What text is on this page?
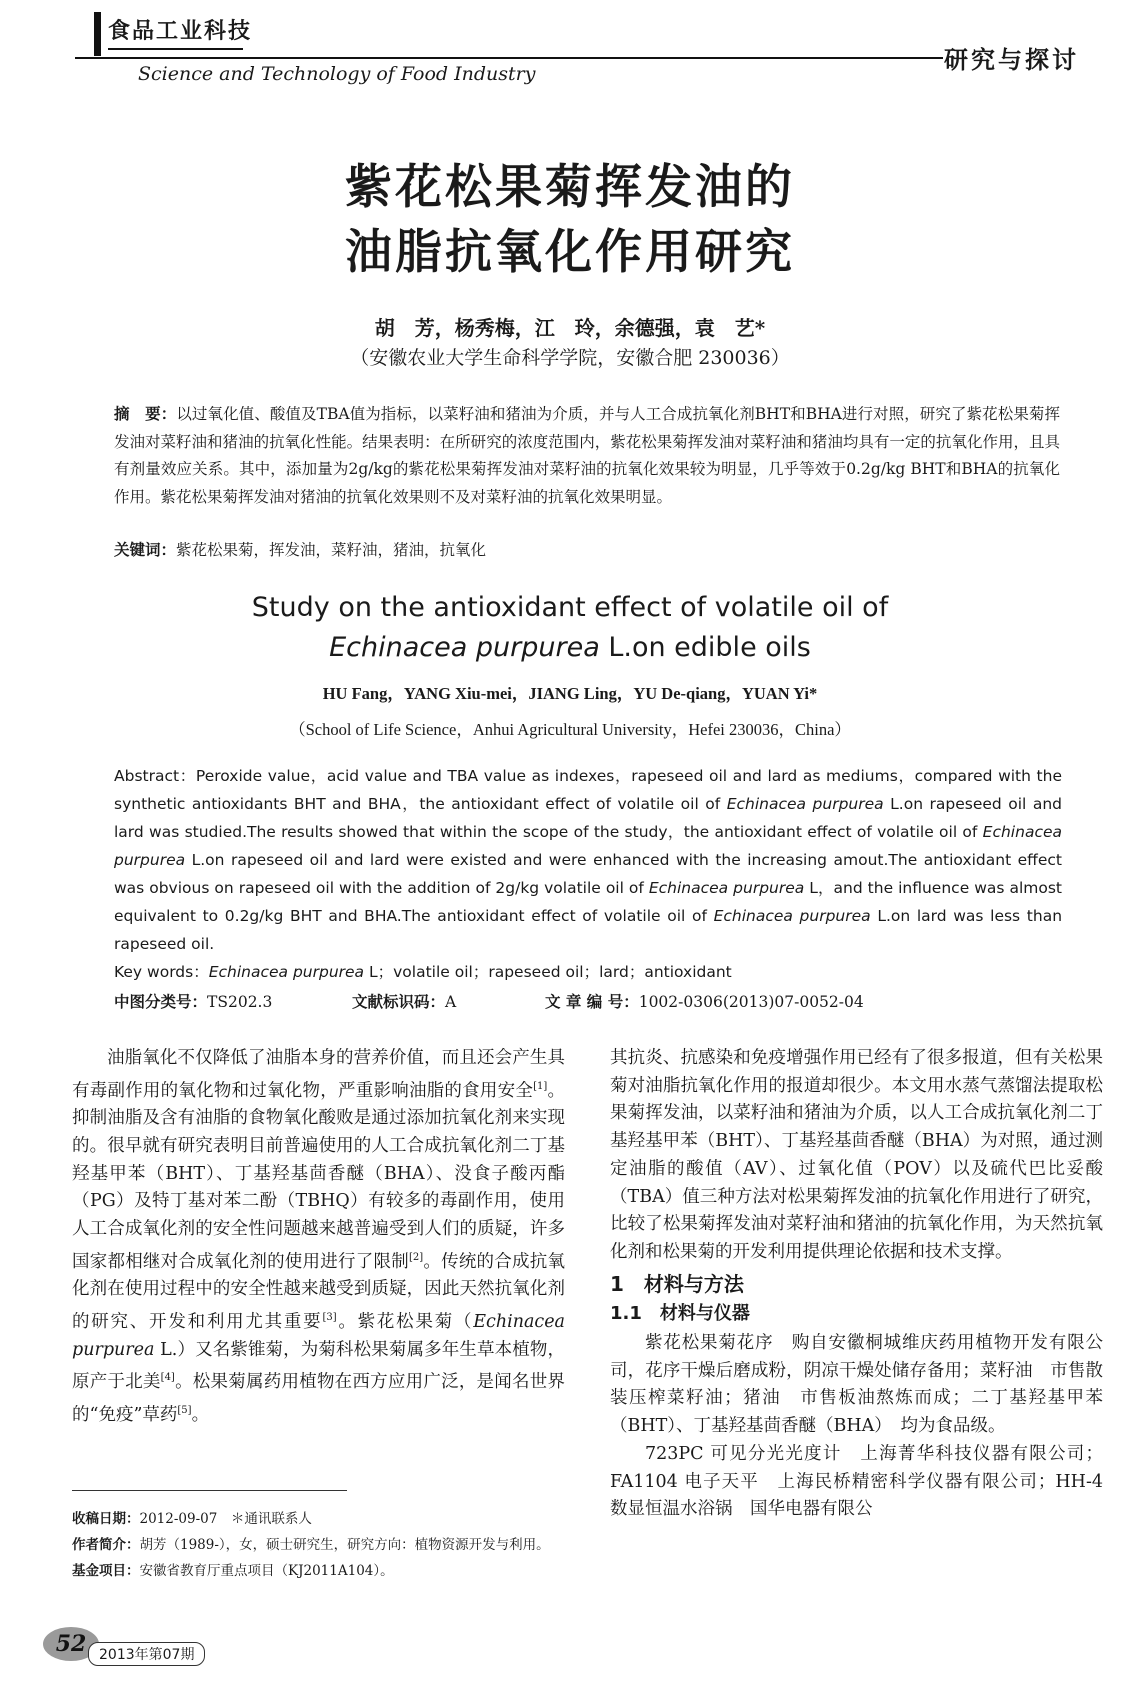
食品工业科技
Science and Technology of Food Industry	研究与探讨
紫花松果菊挥发油的
油脂抗氧化作用研究
胡　芳，杨秀梅，江　玲，余德强，袁　艺*
（安徽农业大学生命科学学院，安徽合肥 230036）
摘　要：以过氧化值、酸值及TBA值为指标，以菜籽油和猪油为介质，并与人工合成抗氧化剂BHT和BHA进行对照，研究了紫花松果菊挥发油对菜籽油和猪油的抗氧化性能。结果表明：在所研究的浓度范围内，紫花松果菊挥发油对菜籽油和猪油均具有一定的抗氧化作用，且具有剂量效应关系。其中，添加量为2g/kg的紫花松果菊挥发油对菜籽油的抗氧化效果较为明显，几乎等效于0.2g/kg BHT和BHA的抗氧化作用。紫花松果菊挥发油对猪油的抗氧化效果则不及对菜籽油的抗氧化效果明显。
关键词：紫花松果菊，挥发油，菜籽油，猪油，抗氧化
Study on the antioxidant effect of volatile oil of
Echinacea purpurea L.on edible oils
HU Fang，YANG Xiu-mei，JIANG Ling，YU De-qiang，YUAN Yi*
（School of Life Science，Anhui Agricultural University，Hefei 230036，China）
Abstract：Peroxide value，acid value and TBA value as indexes，rapeseed oil and lard as mediums，compared with the synthetic antioxidants BHT and BHA，the antioxidant effect of volatile oil of Echinacea purpurea L.on rapeseed oil and lard was studied.The results showed that within the scope of the study，the antioxidant effect of volatile oil of Echinacea purpurea L.on rapeseed oil and lard were existed and were enhanced with the increasing amout.The antioxidant effect was obvious on rapeseed oil with the addition of 2g/kg volatile oil of Echinacea purpurea L，and the influence was almost equivalent to 0.2g/kg BHT and BHA.The antioxidant effect of volatile oil of Echinacea purpurea L.on lard was less than rapeseed oil.
Key words：Echinacea purpurea L；volatile oil；rapeseed oil；lard；antioxidant
中图分类号：TS202.3	文献标识码：A	文 章 编 号：1002-0306(2013)07-0052-04
油脂氧化不仅降低了油脂本身的营养价值，而且还会产生具有毒副作用的氧化物和过氧化物，严重影响油脂的食用安全[1]。抑制油脂及含有油脂的食物氧化酸败是通过添加抗氧化剂来实现的。很早就有研究表明目前普遍使用的人工合成抗氧化剂二丁基羟基甲苯（BHT）、丁基羟基茴香醚（BHA）、没食子酸丙酯（PG）及特丁基对苯二酚（TBHQ）有较多的毒副作用，使用人工合成氧化剂的安全性问题越来越普遍受到人们的质疑，许多国家都相继对合成氧化剂的使用进行了限制[2]。传统的合成抗氧化剂在使用过程中的安全性越来越受到质疑，因此天然抗氧化剂的研究、开发和利用尤其重要[3]。紫花松果菊（Echinacea purpurea L.）又名紫锥菊，为菊科松果菊属多年生草本植物，原产于北美[4]。松果菊属药用植物在西方应用广泛，是闻名世界的“免疫”草药[5]。
其抗炎、抗感染和免疫增强作用已经有了很多报道，但有关松果菊对油脂抗氧化作用的报道却很少。本文用水蒸气蒸馏法提取松果菊挥发油，以菜籽油和猪油为介质，以人工合成抗氧化剂二丁基羟基甲苯（BHT）、丁基羟基茴香醚（BHA）为对照，通过测定油脂的酸值（AV）、过氧化值（POV）以及硫代巴比妥酸（TBA）值三种方法对松果菊挥发油的抗氧化作用进行了研究，比较了松果菊挥发油对菜籽油和猪油的抗氧化作用，为天然抗氧化剂和松果菊的开发利用提供理论依据和技术支撑。
1　材料与方法
1.1　材料与仪器
紫花松果菊花序　购自安徽桐城维庆药用植物开发有限公司，花序干燥后磨成粉，阴凉干燥处储存备用；菜籽油　市售散装压榨菜籽油；猪油　市售板油熬炼而成；二丁基羟基甲苯（BHT）、丁基羟基茴香醚（BHA）　均为食品级。
723PC 可见分光光度计　上海菁华科技仪器有限公司；FA1104 电子天平　上海民桥精密科学仪器有限公司；HH-4 数显恒温水浴锅　国华电器有限公
收稿日期：2012-09-07　＊通讯联系人
作者简介：胡芳（1989-），女，硕士研究生，研究方向：植物资源开发与利用。
基金项目：安徽省教育厅重点项目（KJ2011A104）。
52 2013年第07期
